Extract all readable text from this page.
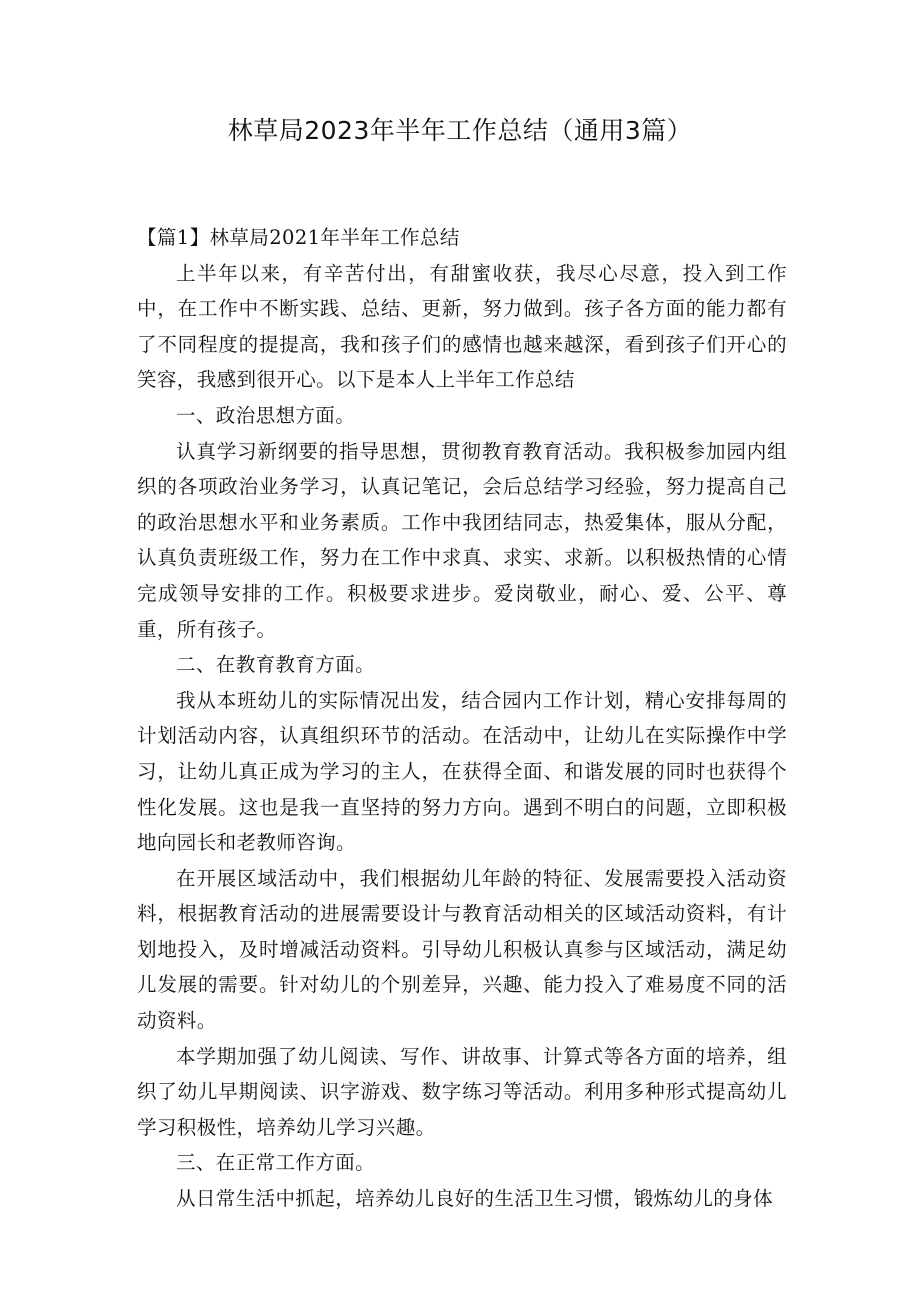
林草局2023年半年工作总结（通用3篇）

【篇1】林草局2021年半年工作总结

上半年以来，有辛苦付出，有甜蜜收获，我尽心尽意，投入到工作中，在工作中不断实践、总结、更新，努力做到。孩子各方面的能力都有了不同程度的提提高，我和孩子们的感情也越来越深，看到孩子们开心的笑容，我感到很开心。以下是本人上半年工作总结

一、政治思想方面。

认真学习新纲要的指导思想，贯彻教育教育活动。我积极参加园内组织的各项政治业务学习，认真记笔记，会后总结学习经验，努力提高自己的政治思想水平和业务素质。工作中我团结同志，热爱集体，服从分配，认真负责班级工作，努力在工作中求真、求实、求新。以积极热情的心情完成领导安排的工作。积极要求进步。爱岗敬业，耐心、爱、公平、尊重，所有孩子。

二、在教育教育方面。

我从本班幼儿的实际情况出发，结合园内工作计划，精心安排每周的计划活动内容，认真组织环节的活动。在活动中，让幼儿在实际操作中学习，让幼儿真正成为学习的主人，在获得全面、和谐发展的同时也获得个性化发展。这也是我一直坚持的努力方向。遇到不明白的问题，立即积极地向园长和老教师咨询。

在开展区域活动中，我们根据幼儿年龄的特征、发展需要投入活动资料，根据教育活动的进展需要设计与教育活动相关的区域活动资料，有计划地投入，及时增减活动资料。引导幼儿积极认真参与区域活动，满足幼儿发展的需要。针对幼儿的个别差异，兴趣、能力投入了难易度不同的活动资料。

本学期加强了幼儿阅读、写作、讲故事、计算式等各方面的培养，组织了幼儿早期阅读、识字游戏、数字练习等活动。利用多种形式提高幼儿学习积极性，培养幼儿学习兴趣。

三、在正常工作方面。

从日常生活中抓起，培养幼儿良好的生活卫生习惯，锻炼幼儿的身体
